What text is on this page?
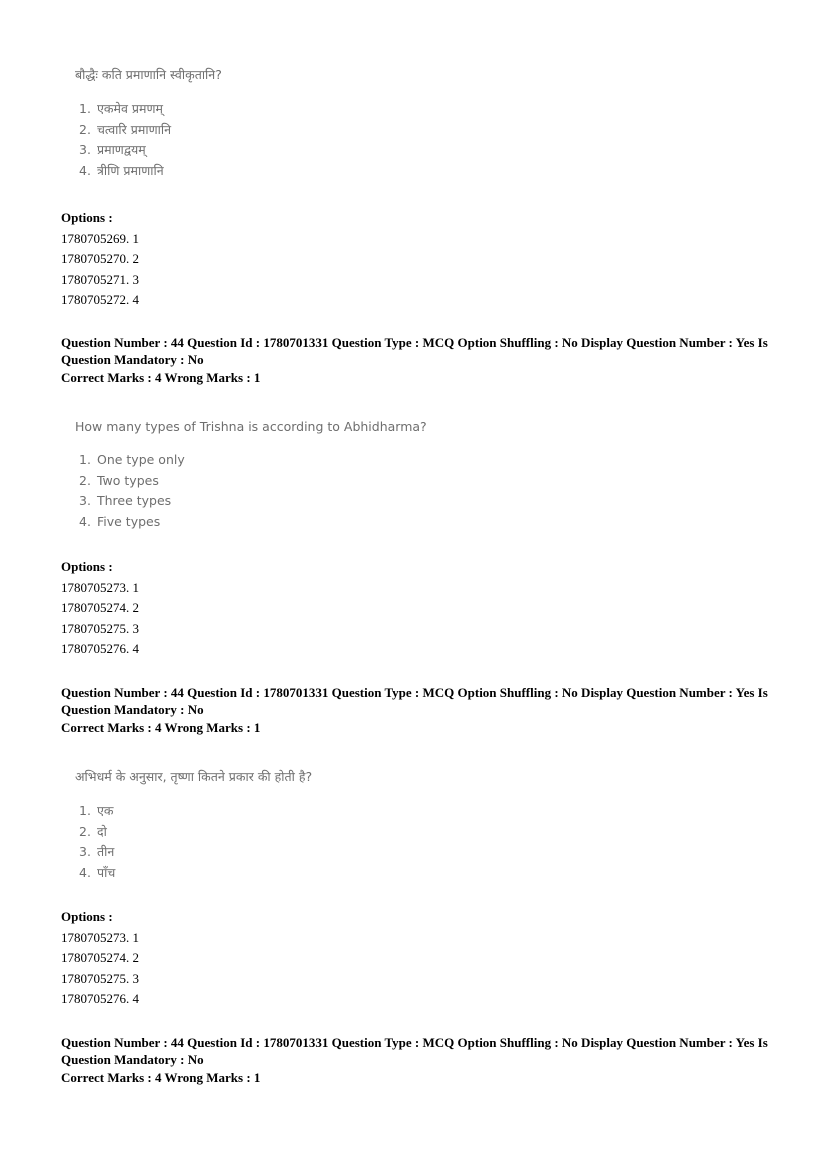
बौद्धैः कति प्रमाणानि स्वीकृतानि?
1. एकमेव प्रमणम्
2. चत्वारि प्रमाणानि
3. प्रमाणद्वयम्
4. त्रीणि प्रमाणानि
Options :
1780705269. 1
1780705270. 2
1780705271. 3
1780705272. 4
Question Number : 44 Question Id : 1780701331 Question Type : MCQ Option Shuffling : No Display Question Number : Yes Is Question Mandatory : No
Correct Marks : 4 Wrong Marks : 1
How many types of Trishna is according to Abhidharma?
1. One type only
2. Two types
3. Three types
4. Five types
Options :
1780705273. 1
1780705274. 2
1780705275. 3
1780705276. 4
Question Number : 44 Question Id : 1780701331 Question Type : MCQ Option Shuffling : No Display Question Number : Yes Is Question Mandatory : No
Correct Marks : 4 Wrong Marks : 1
अभिधर्म के अनुसार, तृष्णा कितने प्रकार की होती है?
1. एक
2. दो
3. तीन
4. पाँच
Options :
1780705273. 1
1780705274. 2
1780705275. 3
1780705276. 4
Question Number : 44 Question Id : 1780701331 Question Type : MCQ Option Shuffling : No Display Question Number : Yes Is Question Mandatory : No
Correct Marks : 4 Wrong Marks : 1
